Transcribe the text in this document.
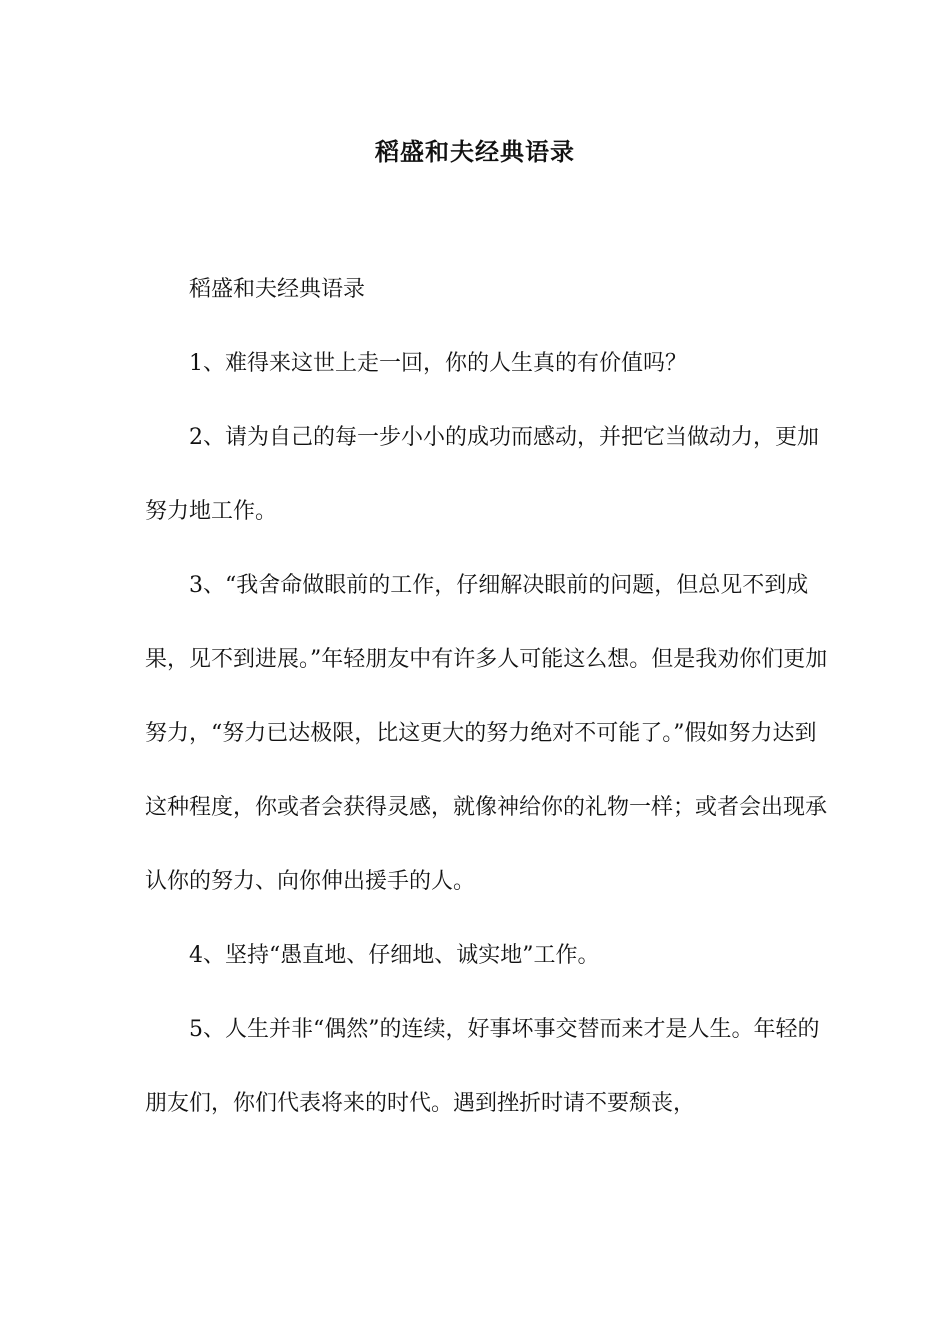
稻盛和夫经典语录

稻盛和夫经典语录

1、难得来这世上走一回，你的人生真的有价值吗？

2、请为自己的每一步小小的成功而感动，并把它当做动力，更加努力地工作。

3、“我舍命做眼前的工作，仔细解决眼前的问题，但总见不到成果，见不到进展。”年轻朋友中有许多人可能这么想。但是我劝你们更加努力，“努力已达极限，比这更大的努力绝对不可能了。”假如努力达到这种程度，你或者会获得灵感，就像神给你的礼物一样；或者会出现承认你的努力、向你伸出援手的人。

4、坚持“愚直地、仔细地、诚实地”工作。

5、人生并非“偶然”的连续，好事坏事交替而来才是人生。年轻的朋友们，你们代表将来的时代。遇到挫折时请不要颓丧，
